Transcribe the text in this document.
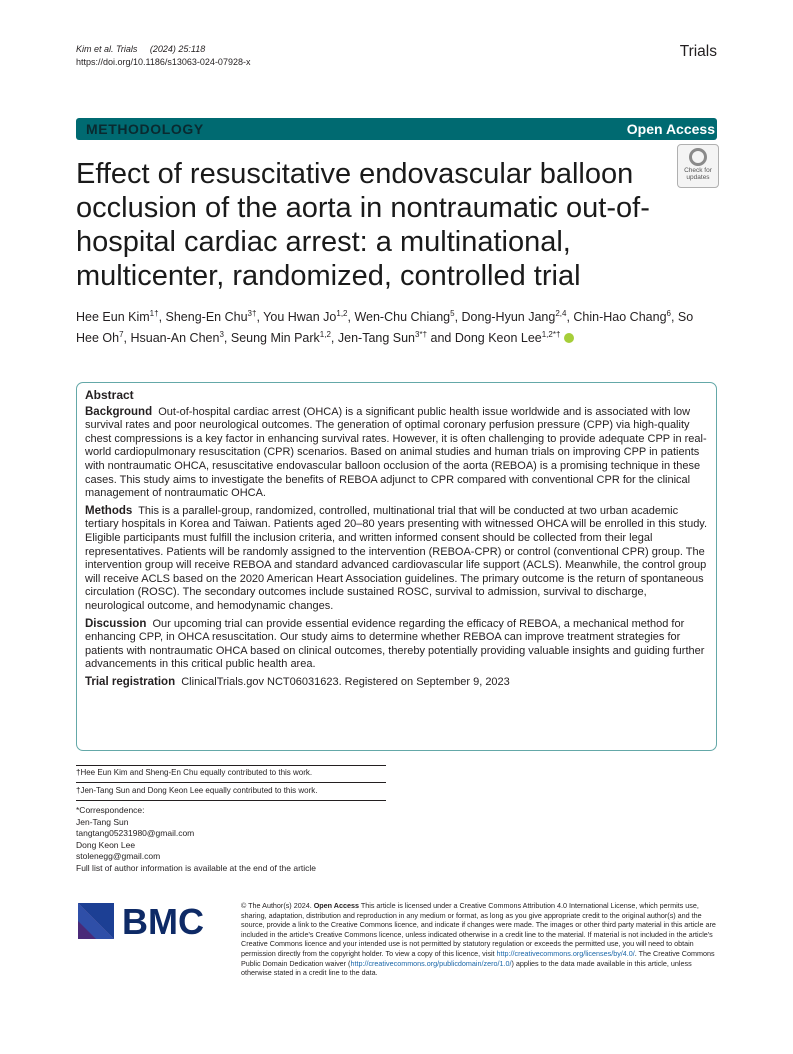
Kim et al. Trials (2024) 25:118
https://doi.org/10.1186/s13063-024-07928-x
Trials
METHODOLOGY	Open Access
Check for
updates
Effect of resuscitative endovascular balloon occlusion of the aorta in nontraumatic out-of-hospital cardiac arrest: a multinational, multicenter, randomized, controlled trial
Hee Eun Kim$^{1\dagger}$, Sheng-En Chu$^{3\dagger}$, You Hwan Jo$^{1,2}$, Wen-Chu Chiang$^5$, Dong-Hyun Jang$^{2,4}$, Chin-Hao Chang$^6$, So Hee Oh$^7$, Hsuan-An Chen$^3$, Seung Min Park$^{1,2}$, Jen-Tang Sun$^{3*\dagger}$ and Dong Keon Lee$^{1,2*\dagger}$
Abstract

Background Out-of-hospital cardiac arrest (OHCA) is a significant public health issue worldwide and is associated with low survival rates and poor neurological outcomes. The generation of optimal coronary perfusion pressure (CPP) via high-quality chest compressions is a key factor in enhancing survival rates. However, it is often challenging to provide adequate CPP in real-world cardiopulmonary resuscitation (CPR) scenarios. Based on animal studies and human trials on improving CPP in patients with nontraumatic OHCA, resuscitative endovascular balloon occlusion of the aorta (REBOA) is a promising technique in these cases. This study aims to investigate the benefits of REBOA adjunct to CPR compared with conventional CPR for the clinical management of nontraumatic OHCA.

Methods This is a parallel-group, randomized, controlled, multinational trial that will be conducted at two urban academic tertiary hospitals in Korea and Taiwan. Patients aged 20–80 years presenting with witnessed OHCA will be enrolled in this study. Eligible participants must fulfill the inclusion criteria, and written informed consent should be collected from their legal representatives. Patients will be randomly assigned to the intervention (REBOA-CPR) or control (conventional CPR) group. The intervention group will receive REBOA and standard advanced cardiovascular life support (ACLS). Meanwhile, the control group will receive ACLS based on the 2020 American Heart Association guidelines. The primary outcome is the return of spontaneous circulation (ROSC). The secondary outcomes include sustained ROSC, survival to admission, survival to discharge, neurological outcome, and hemodynamic changes.

Discussion Our upcoming trial can provide essential evidence regarding the efficacy of REBOA, a mechanical method for enhancing CPP, in OHCA resuscitation. Our study aims to determine whether REBOA can improve treatment strategies for patients with nontraumatic OHCA based on clinical outcomes, thereby potentially providing valuable insights and guiding further advancements in this critical public health area.

Trial registration ClinicalTrials.gov NCT06031623. Registered on September 9, 2023

†Hee Eun Kim and Sheng-En Chu equally contributed to this work.
†Jen-Tang Sun and Dong Keon Lee equally contributed to this work.
*Correspondence:
Jen-Tang Sun
tangtang05231980@gmail.com
Dong Keon Lee
stolenegg@gmail.com
Full list of author information is available at the end of the article
BMC	© The Author(s) 2024. Open Access This article is licensed under a Creative Commons Attribution 4.0 International License, which permits use, sharing, adaptation, distribution and reproduction in any medium or format, as long as you give appropriate credit to the original author(s) and the source, provide a link to the Creative Commons licence, and indicate if changes were made. The images or other third party material in this article are included in the article's Creative Commons licence, unless indicated otherwise in a credit line to the material. If material is not included in the article's Creative Commons licence and your intended use is not permitted by statutory regulation or exceeds the permitted use, you will need to obtain permission directly from the copyright holder. To view a copy of this licence, visit http://creativecommons.org/licenses/by/4.0/. The Creative Commons Public Domain Dedication waiver (http://creativecommons.org/publicdomain/zero/1.0/) applies to the data made available in this article, unless otherwise stated in a credit line to the data.
